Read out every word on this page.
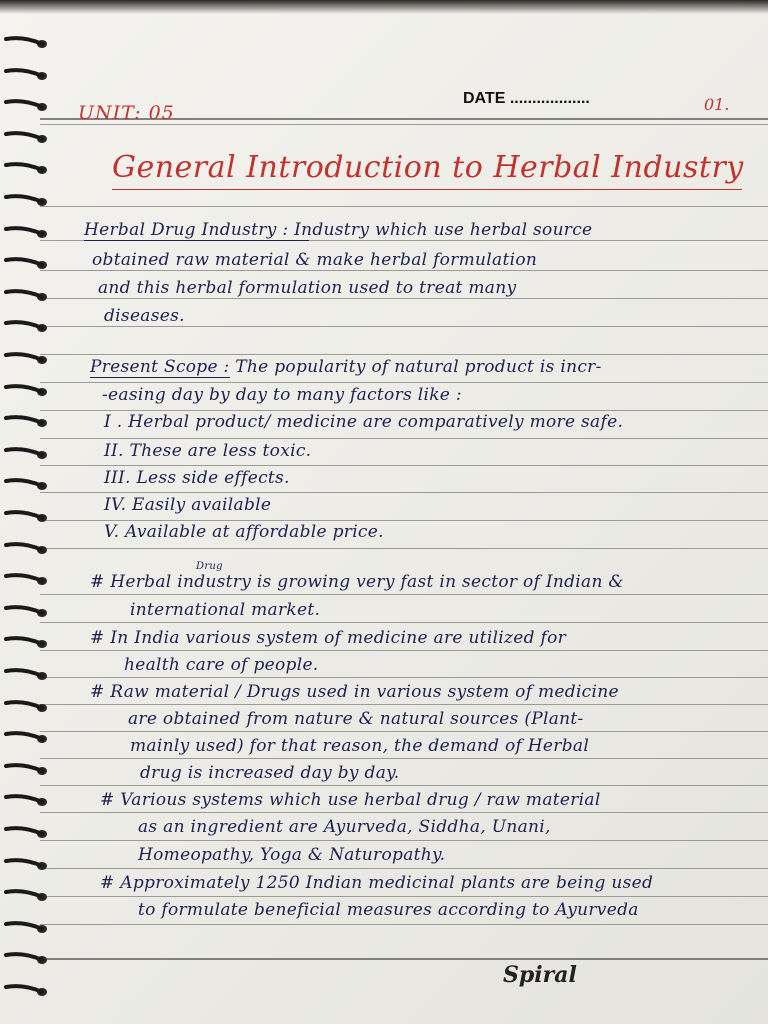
UNIT: 05
DATE ..................	01.
General Introduction to Herbal Industry
Herbal Drug Industry : Industry which use herbal source
obtained raw material & make herbal formulation
and this herbal formulation used to treat many
diseases.
Present Scope : The popularity of natural product is incr-
-easing day by day to many factors like :
I . Herbal product/ medicine are comparatively more safe.
II. These are less toxic.
III. Less side effects.
IV. Easily available
V. Available at affordable price.
Drug
# Herbal industry is growing very fast in sector of Indian &
international market.
# In India various system of medicine are utilized for
health care of people.
# Raw material / Drugs used in various system of medicine
are obtained from nature & natural sources (Plant-
mainly used) for that reason, the demand of Herbal
drug is increased day by day.
# Various systems which use herbal drug / raw material
as an ingredient are Ayurveda, Siddha, Unani,
Homeopathy, Yoga & Naturopathy.
# Approximately 1250 Indian medicinal plants are being used
to formulate beneficial measures according to Ayurveda
Spiral
